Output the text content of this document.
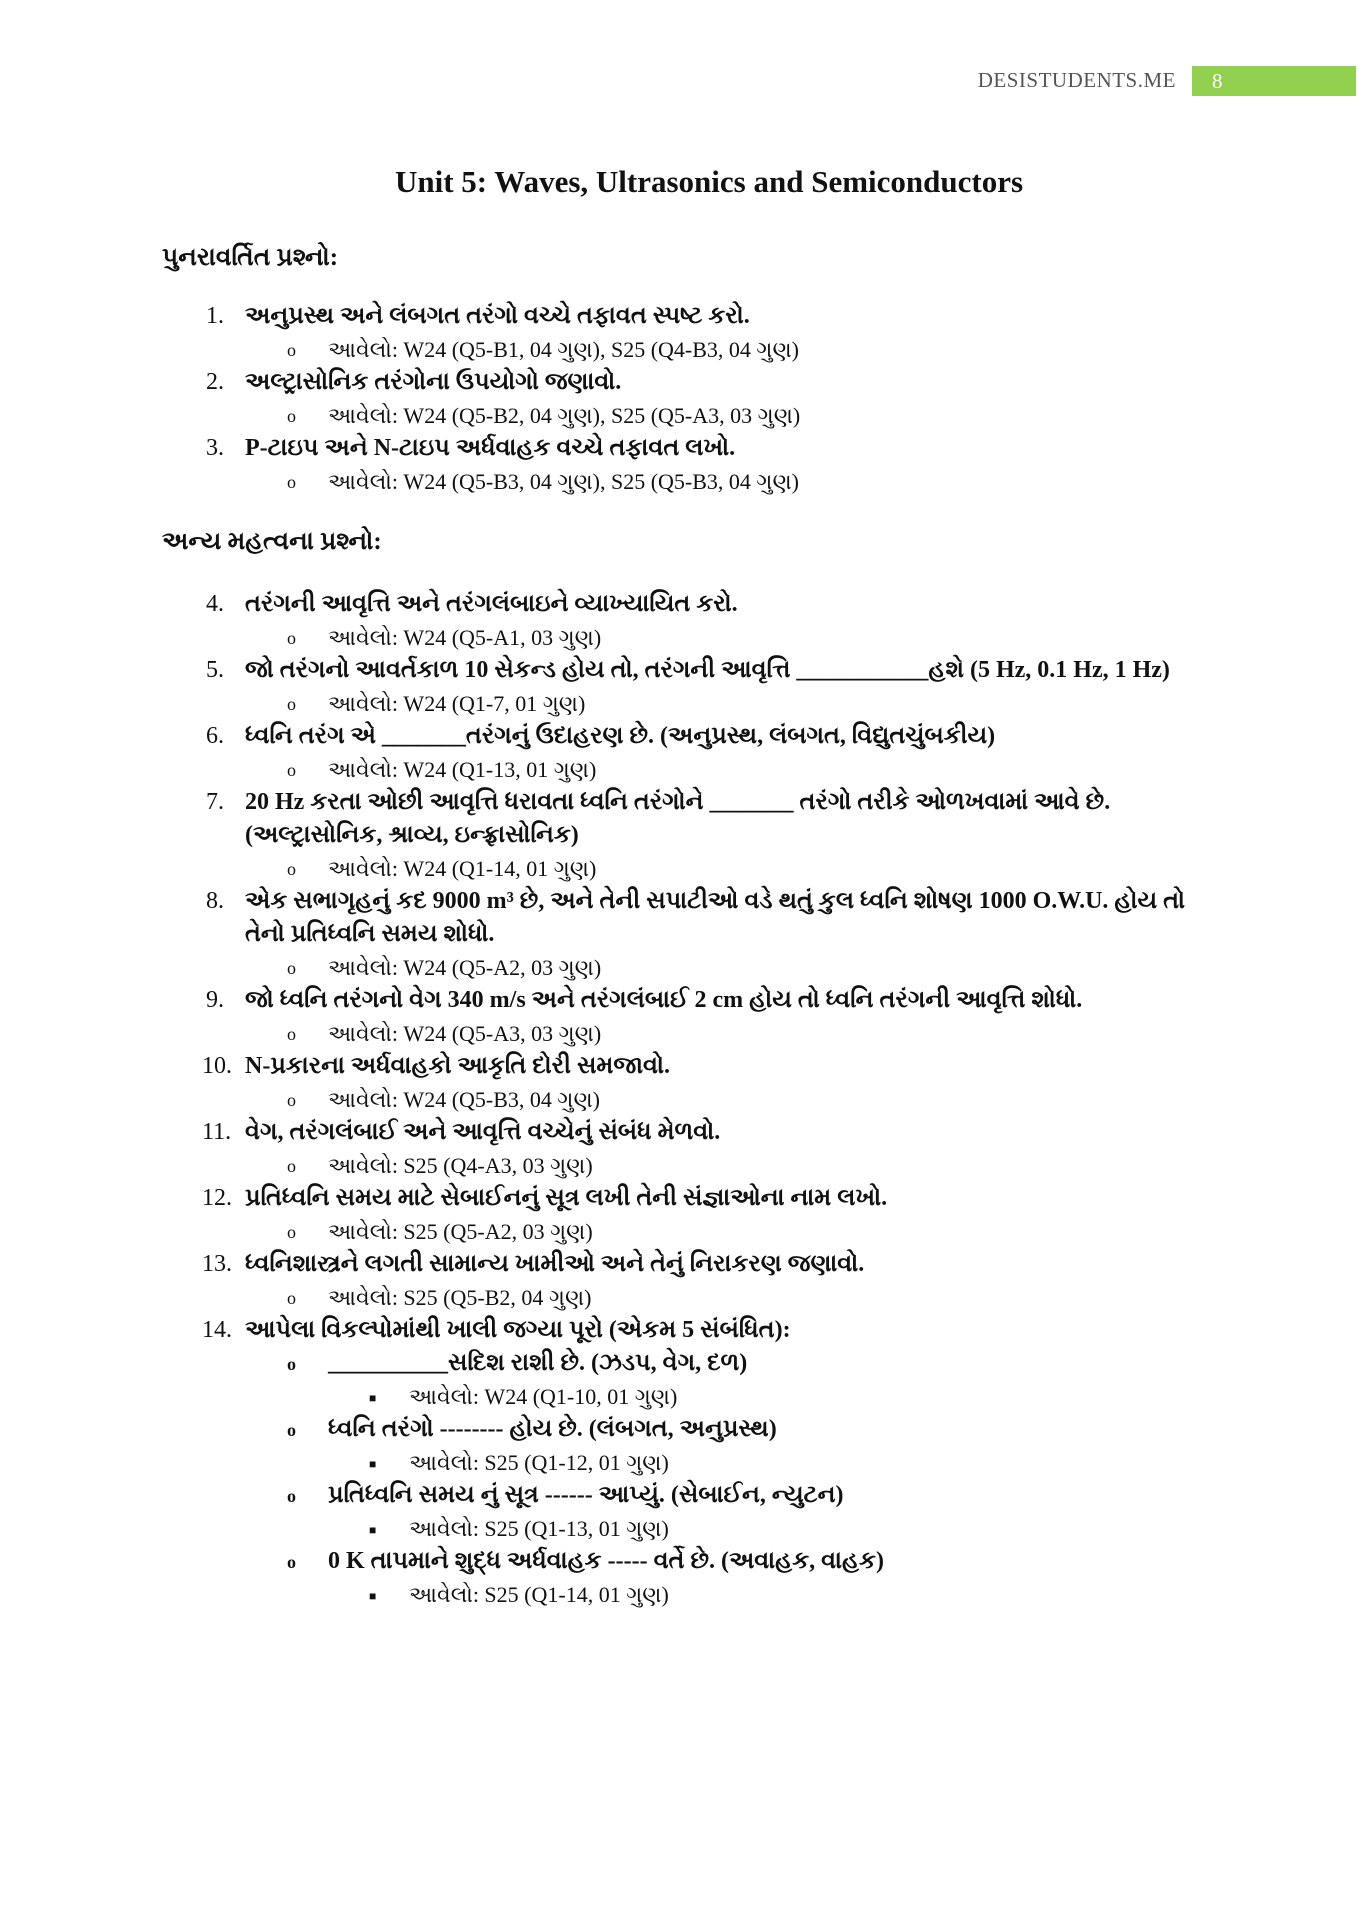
DESISTUDENTS.ME	8
Unit 5: Waves, Ultrasonics and Semiconductors
પુનરાવર્તિત પ્રશ્નો:
1. અનુપ્રસ્થ અને લંબગત તરંગો વચ્ચે તફાવત સ્પષ્ટ કરો.
o આવેલો: W24 (Q5-B1, 04 ગુણ), S25 (Q4-B3, 04 ગુણ)
2. અલ્ટ્રાસોનિક તરંગોના ઉપયોગો જણાવો.
o આવેલો: W24 (Q5-B2, 04 ગુણ), S25 (Q5-A3, 03 ગુણ)
3. P-ટાઇપ અને N-ટાઇપ અર્ધવાહક વચ્ચે તફાવત લખો.
o આવેલો: W24 (Q5-B3, 04 ગુણ), S25 (Q5-B3, 04 ગુણ)
અન્ય મહત્વના પ્રશ્નો:
4. તરંગની આવૃત્તિ અને તરંગલંબાઇને વ્યાખ્યાયિત કરો.
o આવેલો: W24 (Q5-A1, 03 ગુણ)
5. જો તરંગનો આવર્તકાળ 10 સેકન્ડ હોય તો, તરંગની આવૃત્તિ ___________હશે (5 Hz, 0.1 Hz, 1 Hz)
o આવેલો: W24 (Q1-7, 01 ગુણ)
6. ધ્વનિ તરંગ એ _______તરંગનું ઉદાહરણ છે. (અનુપ્રસ્થ, લંબગત, વિદ્યુતચુંબકીય)
o આવેલો: W24 (Q1-13, 01 ગુણ)
7. 20 Hz કરતા ઓછી આવૃત્તિ ધરાવતા ધ્વનિ તરંગોને _______ તરંગો તરીકે ઓળખવામાં આવે છે. (અલ્ટ્રાસોનિક, શ્રાવ્ય, ઇન્ફ્રાસોનિક)
o આવેલો: W24 (Q1-14, 01 ગુણ)
8. એક સભાગૃહનું કદ 9000 m³ છે, અને તેની સપાટીઓ વડે થતું કુલ ધ્વનિ શોષણ 1000 O.W.U. હોય તો તેનો પ્રતિધ્વનિ સમય શોધો.
o આવેલો: W24 (Q5-A2, 03 ગુણ)
9. જો ધ્વનિ તરંગનો વેગ 340 m/s અને તરંગલંબાઈ 2 cm હોય તો ધ્વનિ તરંગની આવૃત્તિ શોધો.
o આવેલો: W24 (Q5-A3, 03 ગુણ)
10. N-પ્રકારના અર્ધવાહકો આકૃતિ દોરી સમજાવો.
o આવેલો: W24 (Q5-B3, 04 ગુણ)
11. વેગ, તરંગલંબાઈ અને આવૃત્તિ વચ્ચેનું સંબંધ મેળવો.
o આવેલો: S25 (Q4-A3, 03 ગુણ)
12. પ્રતિધ્વનિ સમય માટે સેબાઈનનું સૂત્ર લખી તેની સંજ્ઞાઓના નામ લખો.
o આવેલો: S25 (Q5-A2, 03 ગુણ)
13. ધ્વનિશાસ્ત્રને લગતી સામાન્ય ખામીઓ અને તેનું નિરાકરણ જણાવો.
o આવેલો: S25 (Q5-B2, 04 ગુણ)
14. આપેલા વિકલ્પોમાંથી ખાલી જગ્યા પૂરો (એકમ 5 સંબંધિત):
o __________સદિશ રાશી છે. (ઝડપ, વેગ, દળ)
■ આવેલો: W24 (Q1-10, 01 ગુણ)
o ધ્વનિ તરંગો -------- હોય છે. (લંબગત, અનુપ્રસ્થ)
■ આવેલો: S25 (Q1-12, 01 ગુણ)
o પ્રતિધ્વનિ સમય નું સૂત્ર ------ આપ્યું. (સેબાઈન, ન્યુટન)
■ આવેલો: S25 (Q1-13, 01 ગુણ)
o 0 K તાપમાને શુદ્ધ અર્ધવાહક ----- વર્તે છે. (અવાહક, વાહક)
■ આવેલો: S25 (Q1-14, 01 ગુણ)
